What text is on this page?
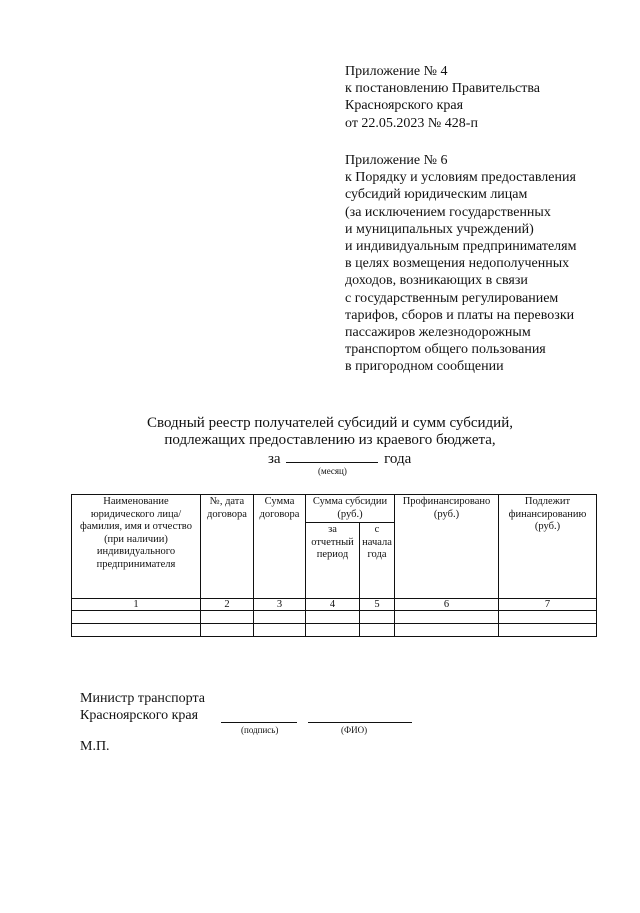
Приложение № 4
к постановлению Правительства
Красноярского края
от 22.05.2023 № 428-п
Приложение № 6
к Порядку и условиям предоставления
субсидий юридическим лицам
(за исключением государственных
и муниципальных учреждений)
и индивидуальным предпринимателям
в целях возмещения недополученных
доходов, возникающих в связи
с государственным регулированием
тарифов, сборов и платы на перевозки
пассажиров железнодорожным
транспортом общего пользования
в пригородном сообщении
Сводный реестр получателей субсидий и сумм субсидий,
подлежащих предоставлению из краевого бюджета,
за	года
(месяц)
Наименование юридического лица/ фамилия, имя и отчество (при наличии) индивидуального предпринимателя	№, дата договора	Сумма договора	Сумма субсидии (руб.)		Профинансировано (руб.)	Подлежит финансированию (руб.)
			за отчетный период	с начала года		
1	2	3	4	5	6	7

Министр транспорта
Красноярского края
(подпись)	(ФИО)
М.П.
